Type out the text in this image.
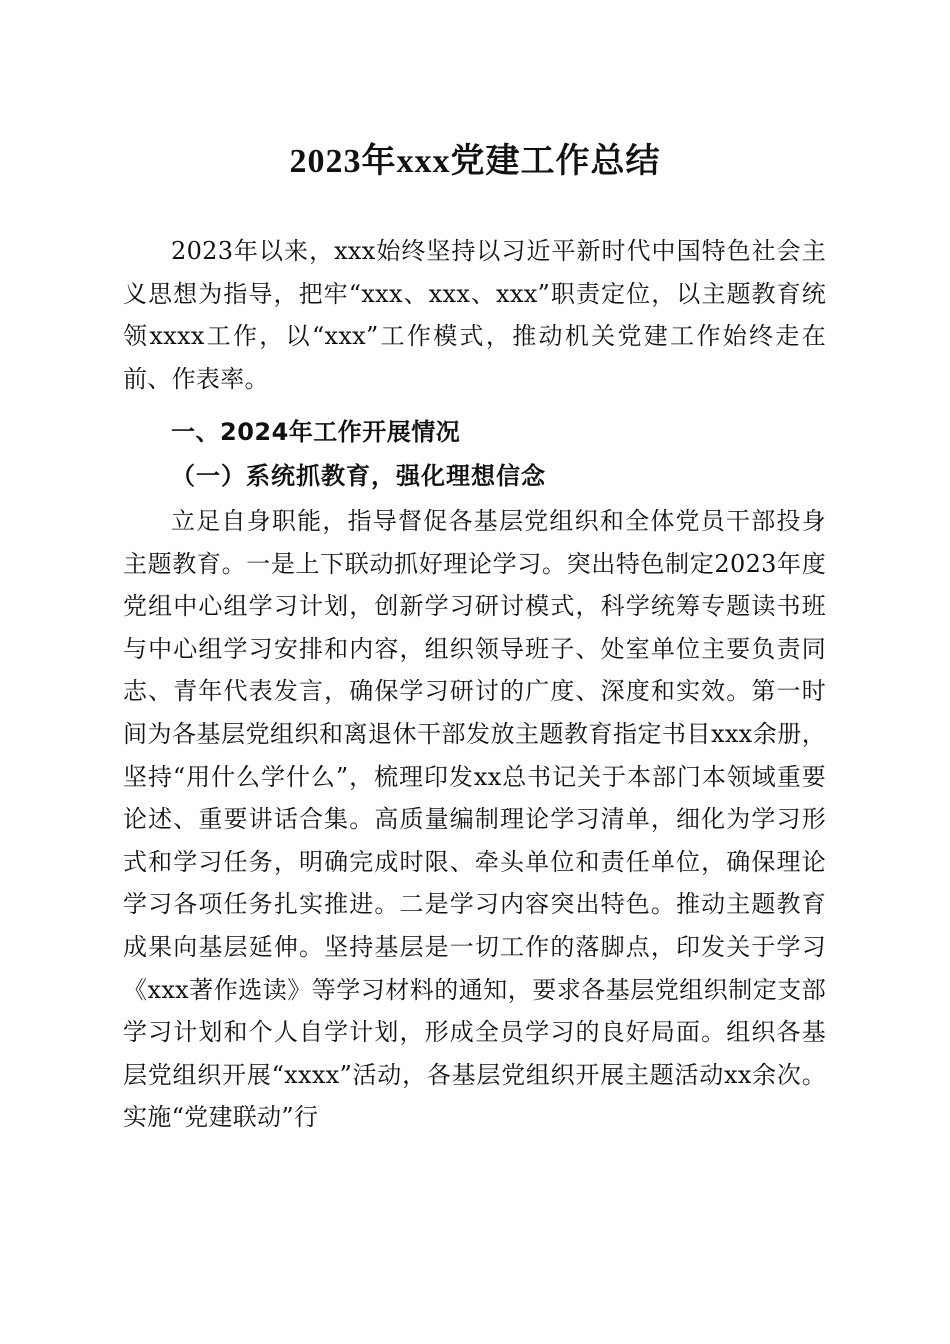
2023年xxx党建工作总结

2023年以来，xxx始终坚持以习近平新时代中国特色社会主义思想为指导，把牢“xxx、xxx、xxx”职责定位，以主题教育统领xxxx工作，以“xxx”工作模式，推动机关党建工作始终走在前、作表率。

一、2024年工作开展情况
（一）系统抓教育，强化理想信念

立足自身职能，指导督促各基层党组织和全体党员干部投身主题教育。一是上下联动抓好理论学习。突出特色制定2023年度党组中心组学习计划，创新学习研讨模式，科学统筹专题读书班与中心组学习安排和内容，组织领导班子、处室单位主要负责同志、青年代表发言，确保学习研讨的广度、深度和实效。第一时间为各基层党组织和离退休干部发放主题教育指定书目xxx余册，坚持“用什么学什么”，梳理印发xx总书记关于本部门本领域重要论述、重要讲话合集。高质量编制理论学习清单，细化为学习形式和学习任务，明确完成时限、牵头单位和责任单位，确保理论学习各项任务扎实推进。二是学习内容突出特色。推动主题教育成果向基层延伸。坚持基层是一切工作的落脚点，印发关于学习《xxx著作选读》等学习材料的通知，要求各基层党组织制定支部学习计划和个人自学计划，形成全员学习的良好局面。组织各基层党组织开展“xxxx”活动，各基层党组织开展主题活动xx余次。实施“党建联动”行
